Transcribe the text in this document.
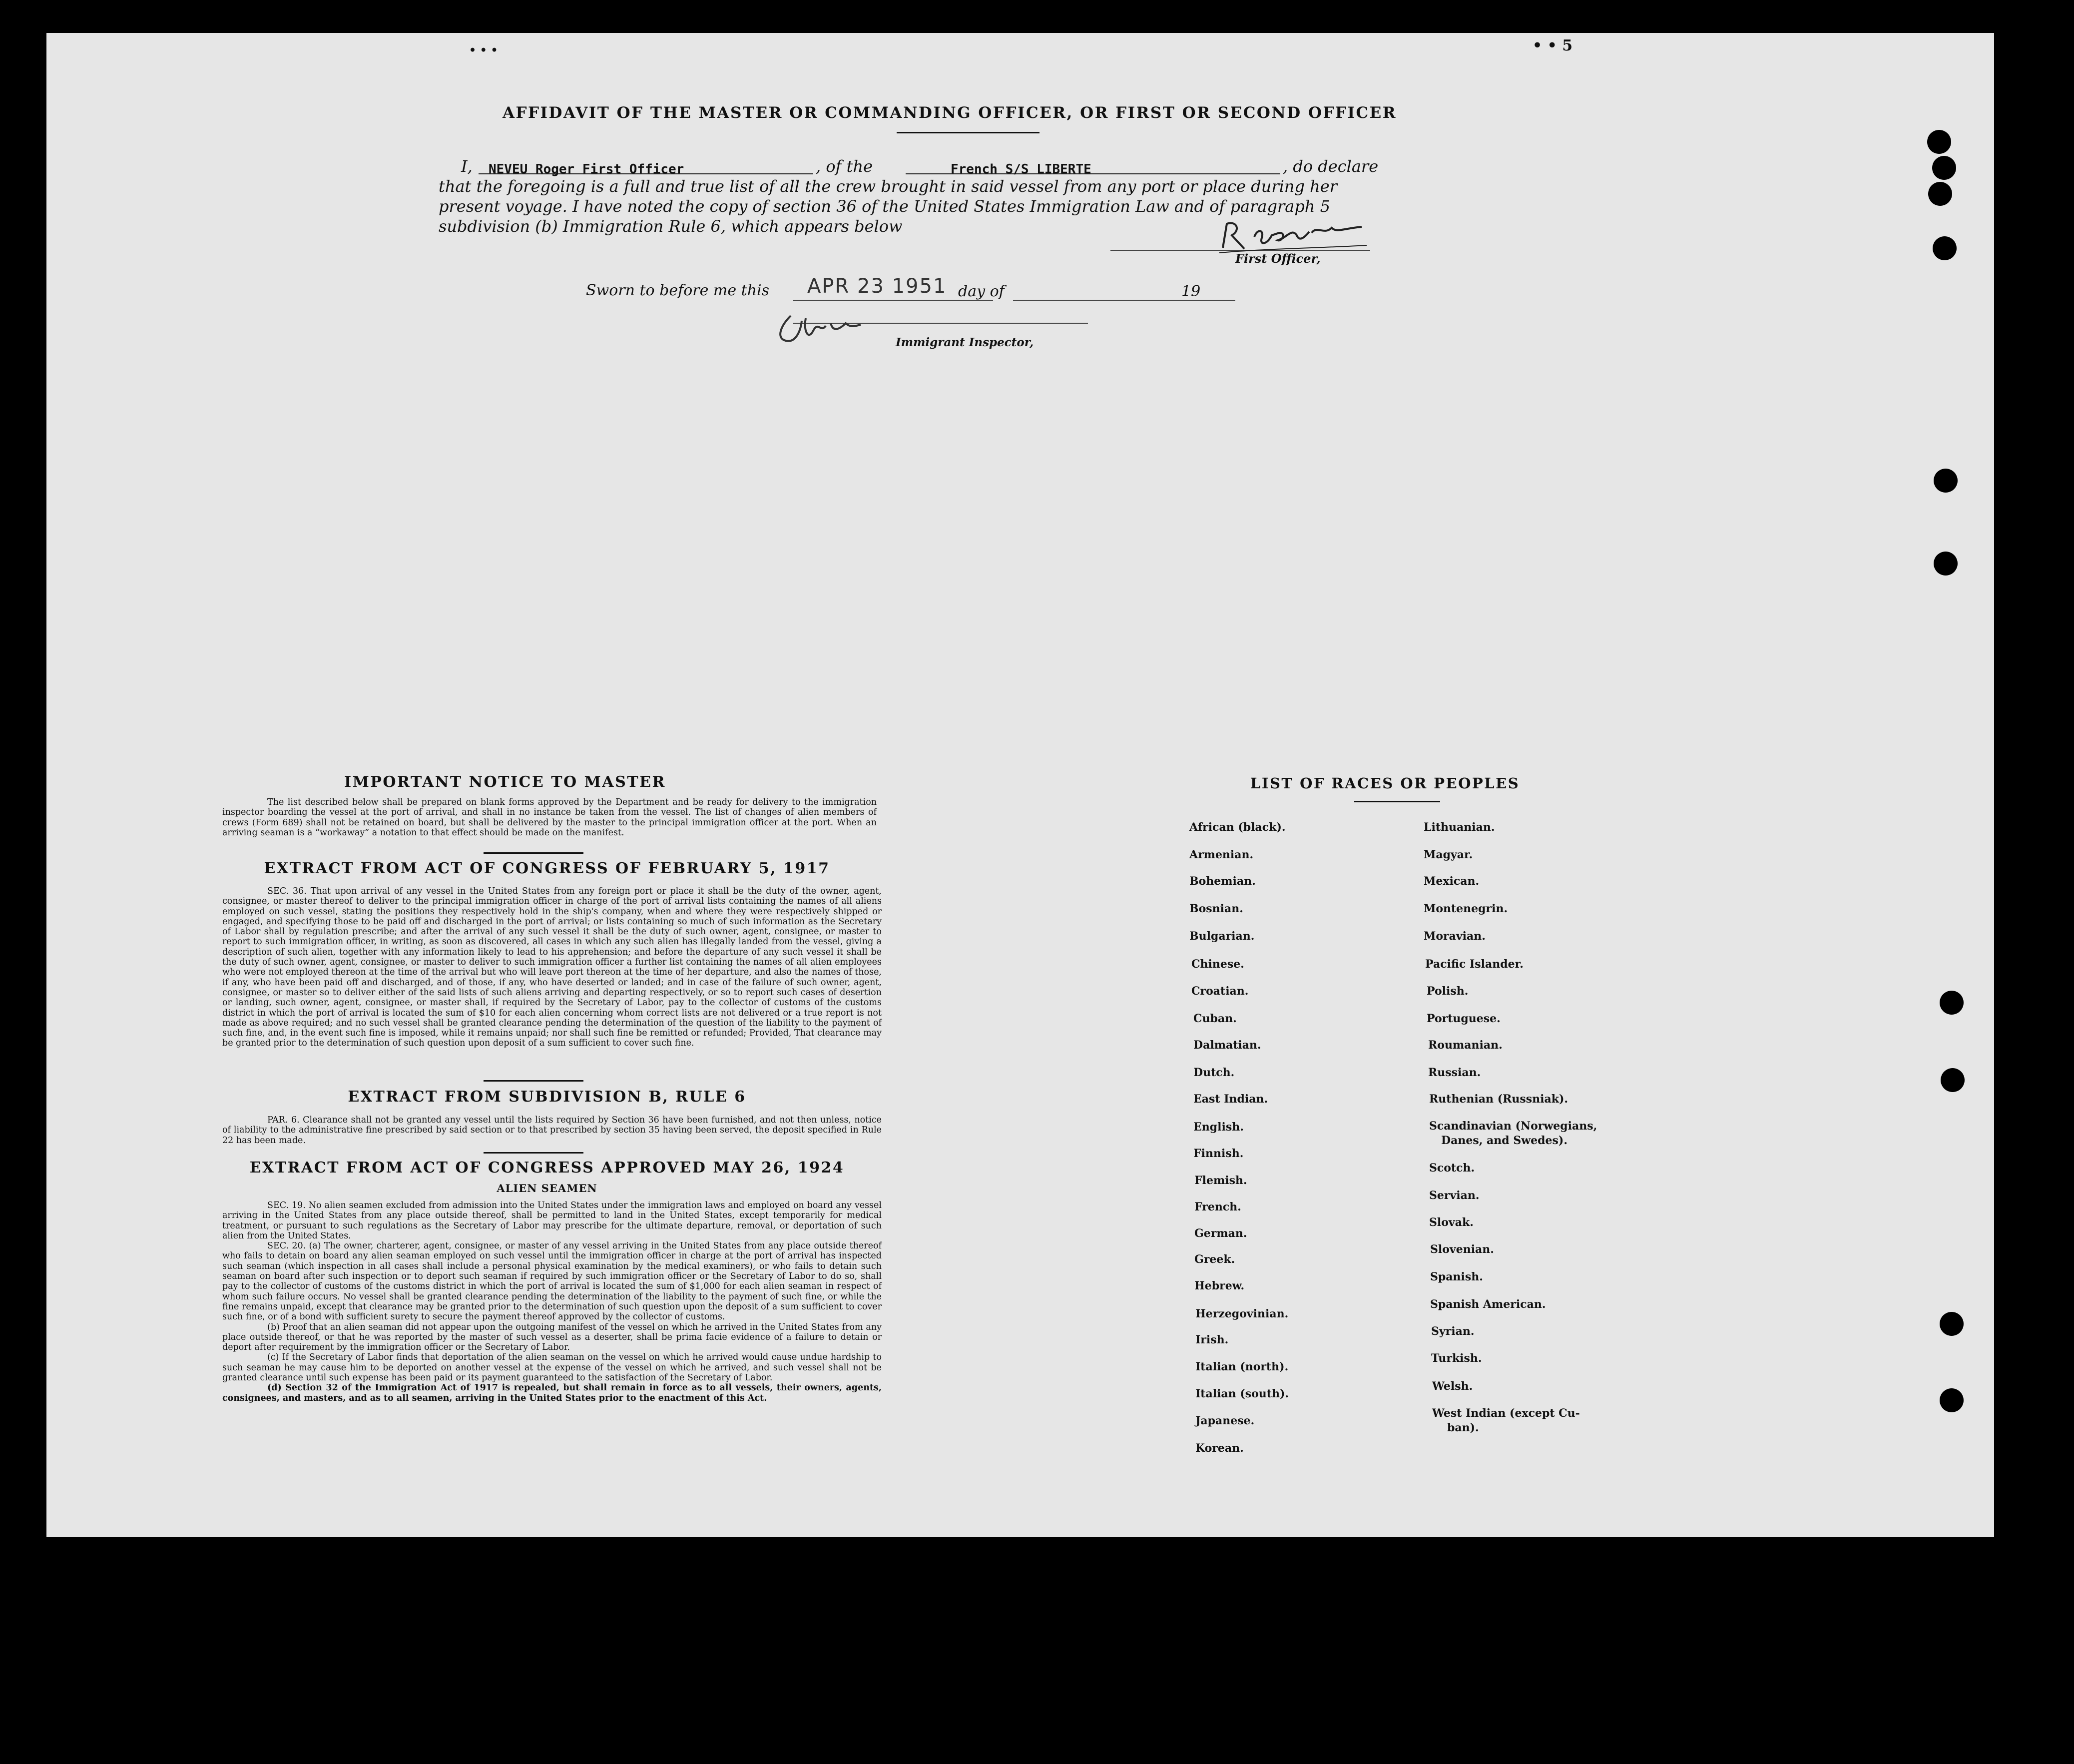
• • •	• • 5
AFFIDAVIT OF THE MASTER OR COMMANDING OFFICER, OR FIRST OR SECOND OFFICER
I, NEVEU Roger First Officer	, of the	French S/S LIBERTE	, do declare
that the foregoing is a full and true list of all the crew brought in said vessel from any port or place during her
present voyage. I have noted the copy of section 36 of the United States Immigration Law and of paragraph 5
subdivision (b) Immigration Rule 6, which appears below
First Officer,
Sworn to before me this APR 23 1951 day of	19
Immigrant Inspector,
IMPORTANT NOTICE TO MASTER

The list described below shall be prepared on blank forms approved by the Department and be ready for delivery to the immigration inspector boarding the vessel at the port of arrival, and shall in no instance be taken from the vessel. The list of changes of alien members of crews (Form 689) shall not be retained on board, but shall be delivered by the master to the principal immigration officer at the port. When an arriving seaman is a “workaway” a notation to that effect should be made on the manifest.

EXTRACT FROM ACT OF CONGRESS OF FEBRUARY 5, 1917

SEC. 36. That upon arrival of any vessel in the United States from any foreign port or place it shall be the duty of the owner, agent, consignee, or master thereof to deliver to the principal immigration officer in charge of the port of arrival lists containing the names of all aliens employed on such vessel, stating the positions they respectively hold in the ship's company, when and where they were respectively shipped or engaged, and specifying those to be paid off and discharged in the port of arrival; or lists containing so much of such information as the Secretary of Labor shall by regulation prescribe; and after the arrival of any such vessel it shall be the duty of such owner, agent, consignee, or master to report to such immigration officer, in writing, as soon as discovered, all cases in which any such alien has illegally landed from the vessel, giving a description of such alien, together with any information likely to lead to his apprehension; and before the departure of any such vessel it shall be the duty of such owner, agent, consignee, or master to deliver to such immigration officer a further list containing the names of all alien employees who were not employed thereon at the time of the arrival but who will leave port thereon at the time of her departure, and also the names of those, if any, who have been paid off and discharged, and of those, if any, who have deserted or landed; and in case of the failure of such owner, agent, consignee, or master so to deliver either of the said lists of such aliens arriving and departing respectively, or so to report such cases of desertion or landing, such owner, agent, consignee, or master shall, if required by the Secretary of Labor, pay to the collector of customs of the customs district in which the port of arrival is located the sum of $10 for each alien concerning whom correct lists are not delivered or a true report is not made as above required; and no such vessel shall be granted clearance pending the determination of the question of the liability to the payment of such fine, and, in the event such fine is imposed, while it remains unpaid; nor shall such fine be remitted or refunded; Provided, That clearance may be granted prior to the determination of such question upon deposit of a sum sufficient to cover such fine.

EXTRACT FROM SUBDIVISION B, RULE 6

PAR. 6. Clearance shall not be granted any vessel until the lists required by Section 36 have been furnished, and not then unless, notice of liability to the administrative fine prescribed by said section or to that prescribed by section 35 having been served, the deposit specified in Rule 22 has been made.

EXTRACT FROM ACT OF CONGRESS APPROVED MAY 26, 1924
ALIEN SEAMEN

SEC. 19. No alien seamen excluded from admission into the United States under the immigration laws and employed on board any vessel arriving in the United States from any place outside thereof, shall be permitted to land in the United States, except temporarily for medical treatment, or pursuant to such regulations as the Secretary of Labor may prescribe for the ultimate departure, removal, or deportation of such alien from the United States.

SEC. 20. (a) The owner, charterer, agent, consignee, or master of any vessel arriving in the United States from any place outside thereof who fails to detain on board any alien seaman employed on such vessel until the immigration officer in charge at the port of arrival has inspected such seaman (which inspection in all cases shall include a personal physical examination by the medical examiners), or who fails to detain such seaman on board after such inspection or to deport such seaman if required by such immigration officer or the Secretary of Labor to do so, shall pay to the collector of customs of the customs district in which the port of arrival is located the sum of $1,000 for each alien seaman in respect of whom such failure occurs. No vessel shall be granted clearance pending the determination of the liability to the payment of such fine, or while the fine remains unpaid, except that clearance may be granted prior to the determination of such question upon the deposit of a sum sufficient to cover such fine, or of a bond with sufficient surety to secure the payment thereof approved by the collector of customs.

(b) Proof that an alien seaman did not appear upon the outgoing manifest of the vessel on which he arrived in the United States from any place outside thereof, or that he was reported by the master of such vessel as a deserter, shall be prima facie evidence of a failure to detain or deport after requirement by the immigration officer or the Secretary of Labor.

(c) If the Secretary of Labor finds that deportation of the alien seaman on the vessel on which he arrived would cause undue hardship to such seaman he may cause him to be deported on another vessel at the expense of the vessel on which he arrived, and such vessel shall not be granted clearance until such expense has been paid or its payment guaranteed to the satisfaction of the Secretary of Labor.

(d) Section 32 of the Immigration Act of 1917 is repealed, but shall remain in force as to all vessels, their owners, agents, consignees, and masters, and as to all seamen, arriving in the United States prior to the enactment of this Act.

LIST OF RACES OR PEOPLES
African (black).
Armenian.
Bohemian.
Bosnian.
Bulgarian.
Chinese.
Croatian.
Cuban.
Dalmatian.
Dutch.
East Indian.
English.
Finnish.
Flemish.
French.
German.
Greek.
Hebrew.
Herzegovinian.
Irish.
Italian (north).
Italian (south).
Japanese.
Korean.
Lithuanian.
Magyar.
Mexican.
Montenegrin.
Moravian.
Pacific Islander.
Polish.
Portuguese.
Roumanian.
Russian.
Ruthenian (Russniak).
Scandinavian (Norwegians,
Danes, and Swedes).
Scotch.
Servian.
Slovak.
Slovenian.
Spanish.
Spanish American.
Syrian.
Turkish.
Welsh.
West Indian (except Cu-
ban).
